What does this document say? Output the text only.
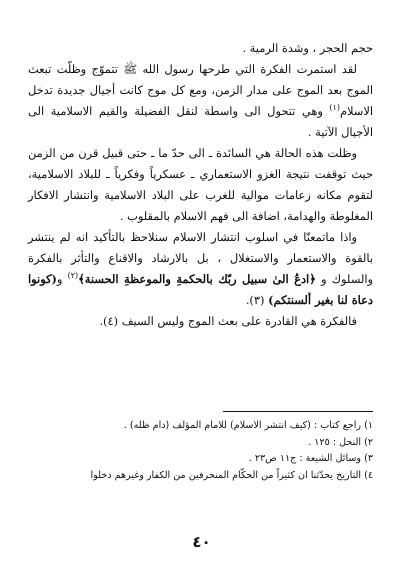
حجم الحجر ، وشدة الرمية .

لقد استمرت الفكرة التي طرحها رسول الله ﷺ تتموّج وظلّت تبعث الموج بعد الموج على مدار الزمن، ومع كل موج كانت أجيال جديدة تدخل الاسلام$^{(١)}$ وهي تتحول الى واسطة لنقل الفضيلة والقيم الاسلامية الى الأجيال الآتية .

وظلت هذه الحالة هي السائدة ـ الى حدّ ما ـ حتى قبيل قرن من الزمن حيث توقفت نتيجة الغزو الاستعماري ـ عسكرياً وفكرياً ـ للبلاد الاسلامية، لتقوم مكانه زعامات موالية للغرب على البلاد الاسلامية وانتشار الافكار المغلوطة والهدامة، اضافة الى فهم الاسلام بالمقلوب .

واذا ماتمعنّا في اسلوب انتشار الاسلام سنلاحظ بالتأكيد انه لم ينتشر بالقوة والاستعمار والاستغلال ، بل بالارشاد والاقناع والتأثر بالفكرة والسلوك و ﴿ادعُ الىٰ سبيل ربّك بالحكمةِ والموعظةِ الحسنة﴾$^{(٢)}$ و(كونوا دعاة لنا بغير ألسنتكم) (٣).

فالفكرة هي القادرة على بعث الموج وليس السيف (٤).

١) راجع كتاب : (كيف انتشر الاسلام) للامام المؤلف (دام ظله) .

٢) النحل : ١٢٥ .

٣) وسائل الشيعة : ج١١ ص٢٣ .

٤) التاريخ يحدّثنا ان كثيراً من الحكّام المنحرفين من الكفار وغيرهم دخلوا

٤٠
